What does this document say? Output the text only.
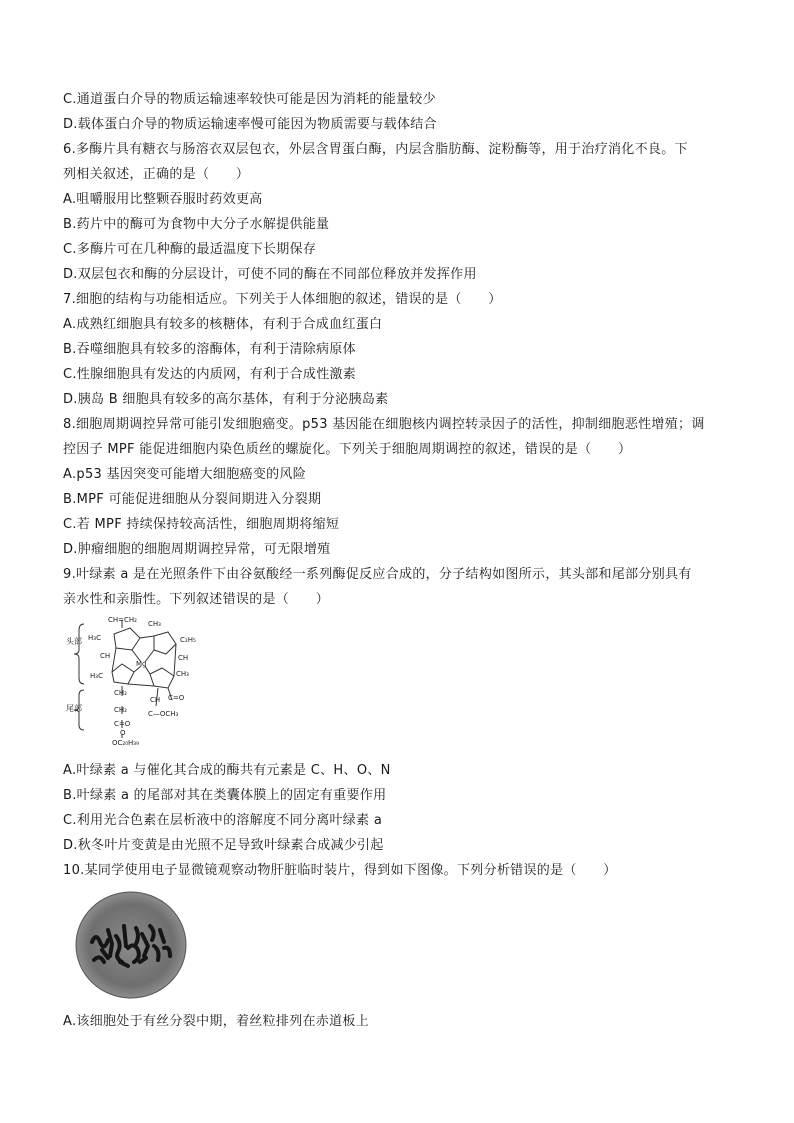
C.通道蛋白介导的物质运输速率较快可能是因为消耗的能量较少
D.载体蛋白介导的物质运输速率慢可能因为物质需要与载体结合
6.多酶片具有糖衣与肠溶衣双层包衣，外层含胃蛋白酶，内层含脂肪酶、淀粉酶等，用于治疗消化不良。下
列相关叙述，正确的是（　　）
A.咀嚼服用比整颗吞服时药效更高
B.药片中的酶可为食物中大分子水解提供能量
C.多酶片可在几种酶的最适温度下长期保存
D.双层包衣和酶的分层设计，可使不同的酶在不同部位释放并发挥作用
7.细胞的结构与功能相适应。下列关于人体细胞的叙述，错误的是（　　）
A.成熟红细胞具有较多的核糖体，有利于合成血红蛋白
B.吞噬细胞具有较多的溶酶体，有利于清除病原体
C.性腺细胞具有发达的内质网，有利于合成性激素
D.胰岛 B 细胞具有较多的高尔基体，有利于分泌胰岛素
8.细胞周期调控异常可能引发细胞癌变。p53 基因能在细胞核内调控转录因子的活性，抑制细胞恶性增殖；调
控因子 MPF 能促进细胞内染色质丝的螺旋化。下列关于细胞周期调控的叙述，错误的是（　　）
A.p53 基因突变可能增大细胞癌变的风险
B.MPF 可能促进细胞从分裂间期进入分裂期
C.若 MPF 持续保持较高活性，细胞周期将缩短
D.肿瘤细胞的细胞周期调控异常，可无限增殖
9.叶绿素 a 是在光照条件下由谷氨酸经一系列酶促反应合成的，分子结构如图所示，其头部和尾部分别具有
亲水性和亲脂性。下列叙述错误的是（　　）
A.叶绿素 a 与催化其合成的酶共有元素是 C、H、O、N
B.叶绿素 a 的尾部对其在类囊体膜上的固定有重要作用
C.利用光合色素在层析液中的溶解度不同分离叶绿素 a
D.秋冬叶片变黄是由光照不足导致叶绿素合成减少引起
10.某同学使用电子显微镜观察动物肝脏临时装片，得到如下图像。下列分析错误的是（　　）
A.该细胞处于有丝分裂中期，着丝粒排列在赤道板上
头部
尾部
CH=CH₂ CH₃
H₃C
CH
Mg
CH
C₂H₅
H₃C	CH₃
CH₂
CH₂
CH C=O
C=O
C—OCH₃
O
OC₂₀H₃₉
